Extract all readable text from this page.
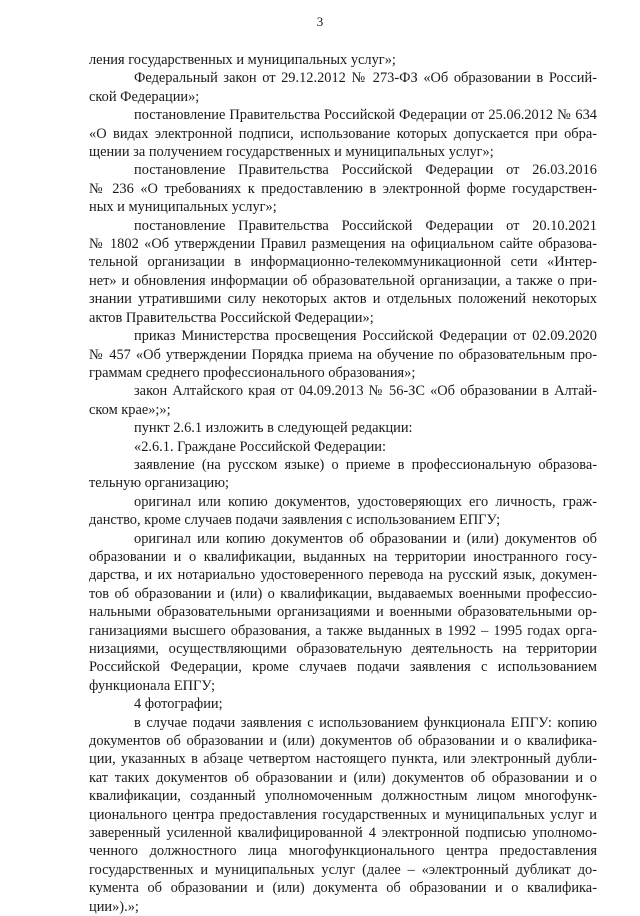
3
ления государственных и муниципальных услуг»;
Федеральный закон от 29.12.2012 № 273-ФЗ «Об образовании в Россий-
ской Федерации»;
постановление Правительства Российской Федерации от 25.06.2012 № 634
«О видах электронной подписи, использование которых допускается при обра-
щении за получением государственных и муниципальных услуг»;
постановление Правительства Российской Федерации от 26.03.2016
№ 236 «О требованиях к предоставлению в электронной форме государствен-
ных и муниципальных услуг»;
постановление Правительства Российской Федерации от 20.10.2021
№ 1802 «Об утверждении Правил размещения на официальном сайте образова-
тельной организации в информационно-телекоммуникационной сети «Интер-
нет» и обновления информации об образовательной организации, а также о при-
знании утратившими силу некоторых актов и отдельных положений некоторых
актов Правительства Российской Федерации»;
приказ Министерства просвещения Российской Федерации от 02.09.2020
№ 457 «Об утверждении Порядка приема на обучение по образовательным про-
граммам среднего профессионального образования»;
закон Алтайского края от 04.09.2013 № 56-ЗС «Об образовании в Алтай-
ском крае»;»;
пункт 2.6.1 изложить в следующей редакции:
«2.6.1. Граждане Российской Федерации:
заявление (на русском языке) о приеме в профессиональную образова-
тельную организацию;
оригинал или копию документов, удостоверяющих его личность, граж-
данство, кроме случаев подачи заявления с использованием ЕПГУ;
оригинал или копию документов об образовании и (или) документов об
образовании и о квалификации, выданных на территории иностранного госу-
дарства, и их нотариально удостоверенного перевода на русский язык, докумен-
тов об образовании и (или) о квалификации, выдаваемых военными профессио-
нальными образовательными организациями и военными образовательными ор-
ганизациями высшего образования, а также выданных в 1992 – 1995 годах орга-
низациями, осуществляющими образовательную деятельность на территории
Российской Федерации, кроме случаев подачи заявления с использованием
функционала ЕПГУ;
4 фотографии;
в случае подачи заявления с использованием функционала ЕПГУ: копию
документов об образовании и (или) документов об образовании и о квалифика-
ции, указанных в абзаце четвертом настоящего пункта, или электронный дубли-
кат таких документов об образовании и (или) документов об образовании и о
квалификации, созданный уполномоченным должностным лицом многофунк-
ционального центра предоставления государственных и муниципальных услуг и
заверенный усиленной квалифицированной 4 электронной подписью уполномо-
ченного должностного лица многофункционального центра предоставления
государственных и муниципальных услуг (далее – «электронный дубликат до-
кумента об образовании и (или) документа об образовании и о квалифика-
ции»).»;
